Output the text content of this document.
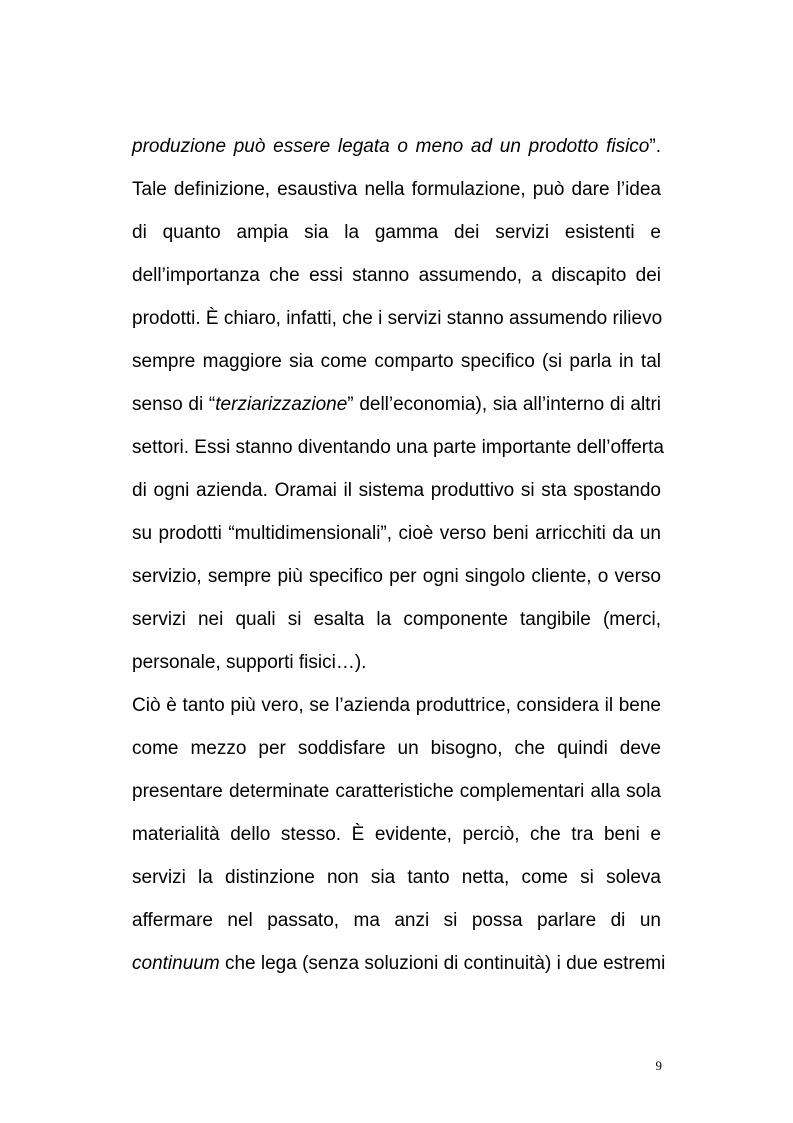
produzione può essere legata o meno ad un prodotto fisico”.
Tale definizione, esaustiva nella formulazione, può dare l’idea
di quanto ampia sia la gamma dei servizi esistenti e
dell’importanza che essi stanno assumendo, a discapito dei
prodotti. È chiaro, infatti, che i servizi stanno assumendo rilievo
sempre maggiore sia come comparto specifico (si parla in tal
senso di “terziarizzazione” dell’economia), sia all’interno di altri
settori. Essi stanno diventando una parte importante dell’offerta
di ogni azienda. Oramai il sistema produttivo si sta spostando
su prodotti “multidimensionali”, cioè verso beni arricchiti da un
servizio, sempre più specifico per ogni singolo cliente, o verso
servizi nei quali si esalta la componente tangibile (merci,
personale, supporti fisici…).
Ciò è tanto più vero, se l’azienda produttrice, considera il bene
come mezzo per soddisfare un bisogno, che quindi deve
presentare determinate caratteristiche complementari alla sola
materialità dello stesso. È evidente, perciò, che tra beni e
servizi la distinzione non sia tanto netta, come si soleva
affermare nel passato, ma anzi si possa parlare di un
continuum che lega (senza soluzioni di continuità) i due estremi
9
